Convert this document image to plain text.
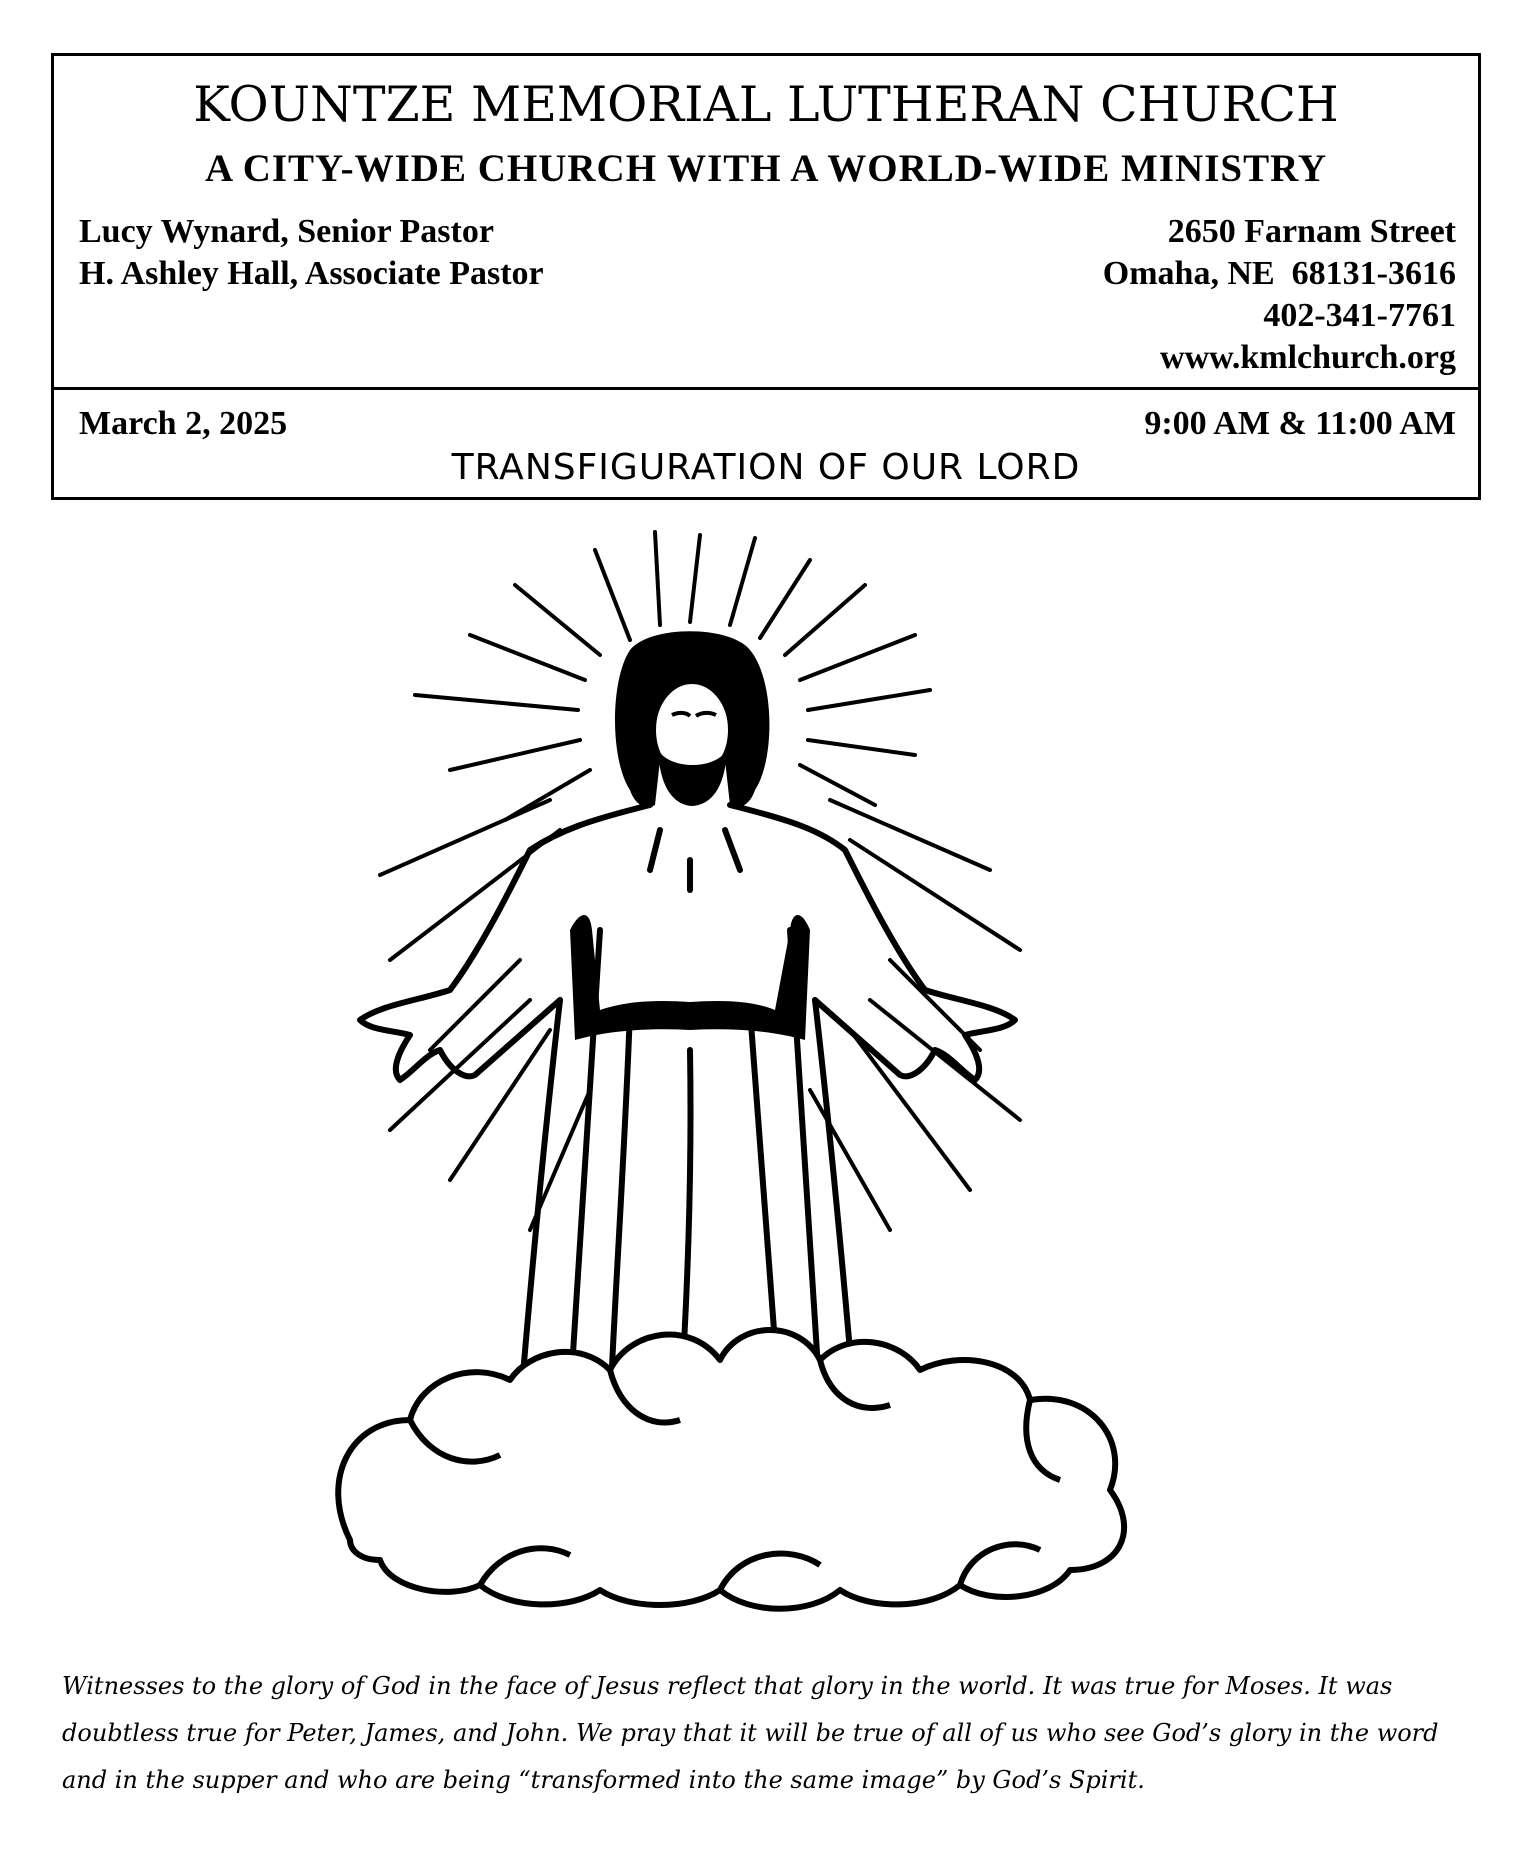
KOUNTZE MEMORIAL LUTHERAN CHURCH
A CITY-WIDE CHURCH WITH A WORLD-WIDE MINISTRY
Lucy Wynard, Senior Pastor
H. Ashley Hall, Associate Pastor
2650 Farnam Street
Omaha, NE  68131-3616
402-341-7761
www.kmlchurch.org
March 2, 2025	9:00 AM & 11:00 AM
TRANSFIGURATION OF OUR LORD
Witnesses to the glory of God in the face of Jesus reflect that glory in the world. It was true for Moses. It was
doubtless true for Peter, James, and John. We pray that it will be true of all of us who see God’s glory in the word
and in the supper and who are being “transformed into the same image” by God’s Spirit.
